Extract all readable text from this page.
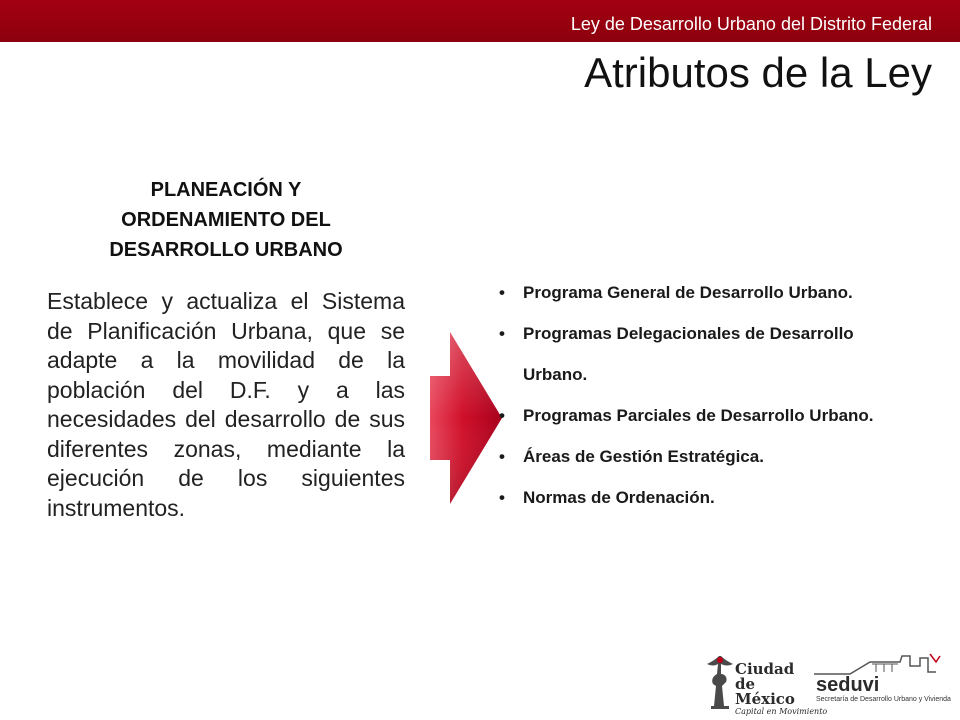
Ley de Desarrollo Urbano del Distrito Federal
Atributos de la Ley
PLANEACIÓN Y
ORDENAMIENTO DEL
DESARROLLO URBANO

Establece y actualiza el Sistema de Planificación Urbana, que se adapte a la movilidad de la población del D.F. y a las necesidades del desarrollo de sus diferentes zonas, mediante la ejecución de los siguientes instrumentos.

• Programa General de Desarrollo Urbano.
• Programas Delegacionales de Desarrollo Urbano.
• Programas Parciales de Desarrollo Urbano.
• Áreas de Gestión Estratégica.
• Normas de Ordenación.
Ciudad de México
Capital en Movimiento
seduvi
Secretaría de Desarrollo Urbano y Vivienda
